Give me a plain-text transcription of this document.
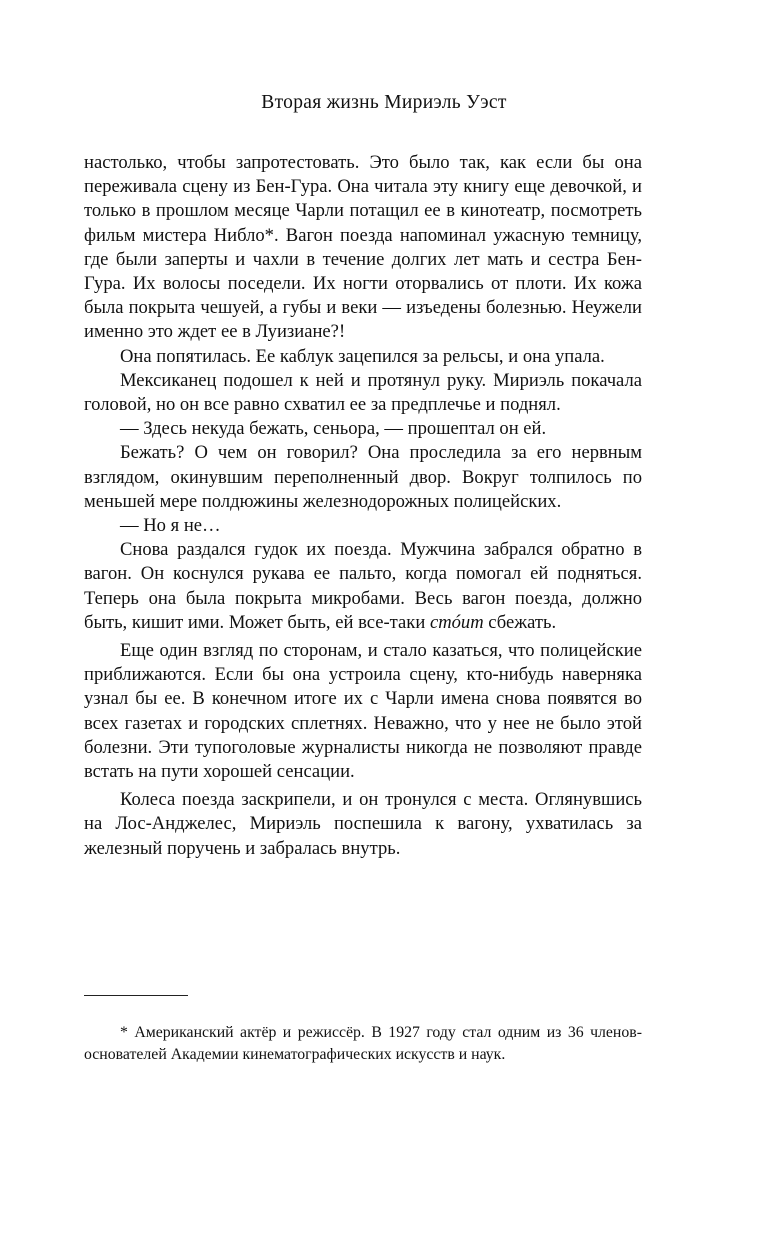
Вторая жизнь Мириэль Уэст

настолько, чтобы запротестовать. Это было так, как если бы она переживала сцену из Бен-Гура. Она читала эту книгу еще девочкой, и только в прошлом месяце Чарли потащил ее в кинотеатр, посмотреть фильм мистера Нибло*. Вагон поезда напоминал ужасную темницу, где были заперты и чахли в течение долгих лет мать и сестра Бен-Гура. Их волосы поседели. Их ногти оторвались от плоти. Их кожа была покрыта чешуей, а губы и веки — изъедены болезнью. Неужели именно это ждет ее в Луизиане?!

Она попятилась. Ее каблук зацепился за рельсы, и она упала.

Мексиканец подошел к ней и протянул руку. Мириэль покачала головой, но он все равно схватил ее за предплечье и поднял.

— Здесь некуда бежать, сеньора, — прошептал он ей.

Бежать? О чем он говорил? Она проследила за его нервным взглядом, окинувшим переполненный двор. Вокруг толпилось по меньшей мере полдюжины железнодорожных полицейских.

— Но я не…

Снова раздался гудок их поезда. Мужчина забрался обратно в вагон. Он коснулся рукава ее пальто, когда помогал ей подняться. Теперь она была покрыта микробами. Весь вагон поезда, должно быть, кишит ими. Может быть, ей все-таки стóит сбежать.

Еще один взгляд по сторонам, и стало казаться, что полицейские приближаются. Если бы она устроила сцену, кто-нибудь наверняка узнал бы ее. В конечном итоге их с Чарли имена снова появятся во всех газетах и городских сплетнях. Неважно, что у нее не было этой болезни. Эти тупоголовые журналисты никогда не позволяют правде встать на пути хорошей сенсации.

Колеса поезда заскрипели, и он тронулся с места. Оглянувшись на Лос-Анджелес, Мириэль поспешила к вагону, ухватилась за железный поручень и забралась внутрь.

* Американский актёр и режиссёр. В 1927 году стал одним из 36 членов-основателей Академии кинематографических искусств и наук.
